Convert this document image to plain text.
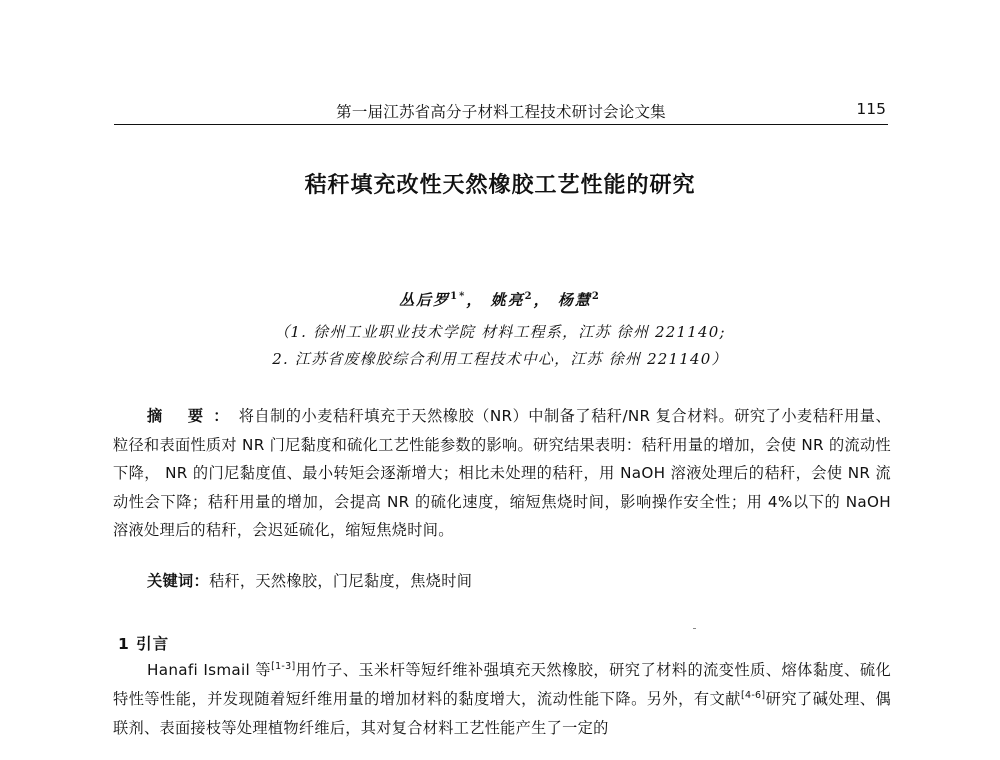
第一届江苏省高分子材料工程技术研讨会论文集	115
秸秆填充改性天然橡胶工艺性能的研究
丛后罗$^{1*}$， 姚亮$^2$， 杨慧$^2$
（1. 徐州工业职业技术学院 材料工程系，江苏 徐州 221140;
2. 江苏省废橡胶综合利用工程技术中心，江苏 徐州 221140）
摘 要：将自制的小麦秸秆填充于天然橡胶（NR）中制备了秸秆/NR 复合材料。研究了小麦秸秆用量、粒径和表面性质对 NR 门尼黏度和硫化工艺性能参数的影响。研究结果表明：秸秆用量的增加，会使 NR 的流动性下降， NR 的门尼黏度值、最小转矩会逐渐增大；相比未处理的秸秆，用 NaOH 溶液处理后的秸秆，会使 NR 流动性会下降；秸秆用量的增加，会提高 NR 的硫化速度，缩短焦烧时间，影响操作安全性；用 4%以下的 NaOH 溶液处理后的秸秆，会迟延硫化，缩短焦烧时间。
关键词：秸秆，天然橡胶，门尼黏度，焦烧时间
1 引言
Hanafi Ismail 等[1-3]用竹子、玉米杆等短纤维补强填充天然橡胶，研究了材料的流变性质、熔体黏度、硫化特性等性能，并发现随着短纤维用量的增加材料的黏度增大，流动性能下降。另外，有文献[4-6]研究了碱处理、偶联剂、表面接枝等处理植物纤维后，其对复合材料工艺性能产生了一定的
